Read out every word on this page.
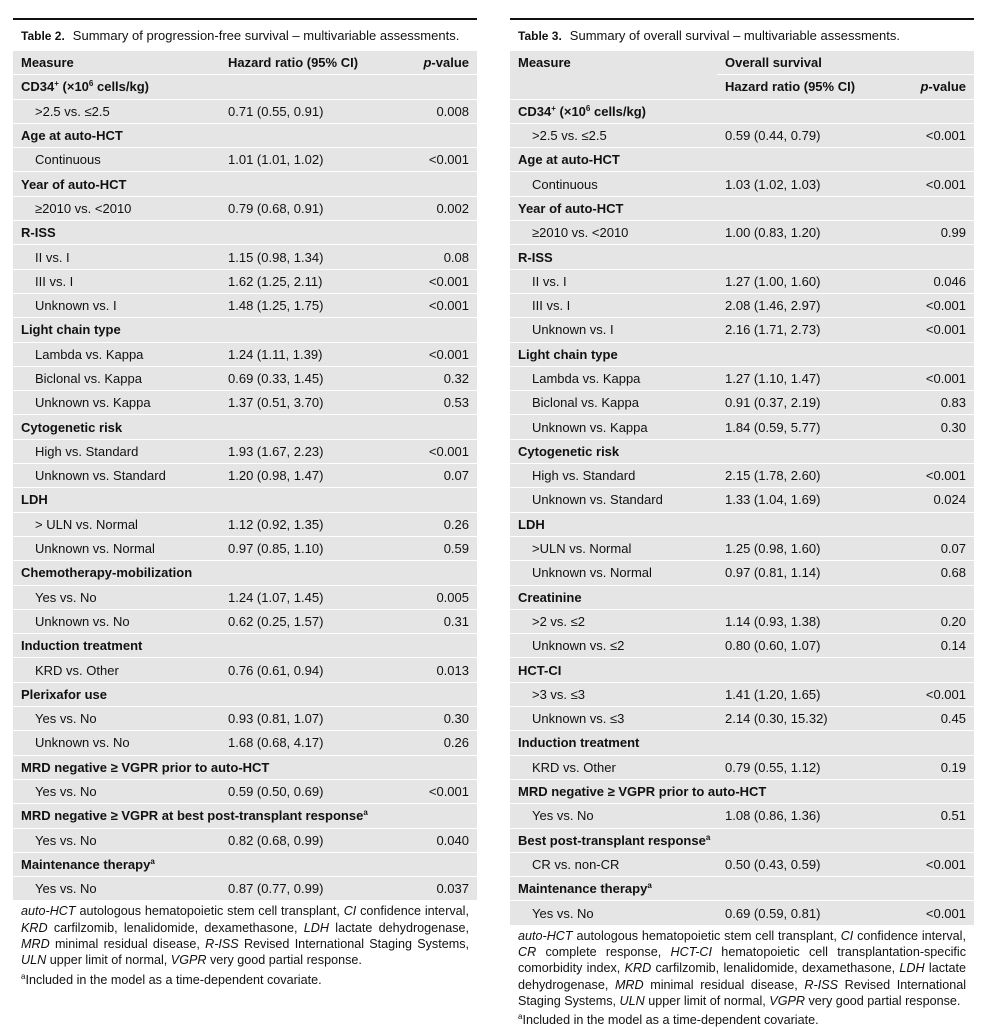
Table 2. Summary of progression-free survival – multivariable assessments.
Measure	Hazard ratio (95% CI)	p-value
CD34+ ($\times 10^6$ cells/kg)		
>2.5 vs. ≤2.5	0.71 (0.55, 0.91)	0.008
Age at auto-HCT		
Continuous	1.01 (1.01, 1.02)	<0.001
Year of auto-HCT		
≥2010 vs. <2010	0.79 (0.68, 0.91)	0.002
R-ISS		
II vs. I	1.15 (0.98, 1.34)	0.08
III vs. I	1.62 (1.25, 2.11)	<0.001
Unknown vs. I	1.48 (1.25, 1.75)	<0.001
Light chain type		
Lambda vs. Kappa	1.24 (1.11, 1.39)	<0.001
Biclonal vs. Kappa	0.69 (0.33, 1.45)	0.32
Unknown vs. Kappa	1.37 (0.51, 3.70)	0.53
Cytogenetic risk		
High vs. Standard	1.93 (1.67, 2.23)	<0.001
Unknown vs. Standard	1.20 (0.98, 1.47)	0.07
LDH		
> ULN vs. Normal	1.12 (0.92, 1.35)	0.26
Unknown vs. Normal	0.97 (0.85, 1.10)	0.59
Chemotherapy-mobilization		
Yes vs. No	1.24 (1.07, 1.45)	0.005
Unknown vs. No	0.62 (0.25, 1.57)	0.31
Induction treatment		
KRD vs. Other	0.76 (0.61, 0.94)	0.013
Plerixafor use		
Yes vs. No	0.93 (0.81, 1.07)	0.30
Unknown vs. No	1.68 (0.68, 4.17)	0.26
MRD negative ≥ VGPR prior to auto-HCT		
Yes vs. No	0.59 (0.50, 0.69)	<0.001
MRD negative ≥ VGPR at best post-transplant response$^a$
Yes vs. No	0.82 (0.68, 0.99)	0.040
Maintenance therapy$^a$
Yes vs. No	0.87 (0.77, 0.99)	0.037
auto-HCT autologous hematopoietic stem cell transplant, CI confidence interval, KRD carfilzomib, lenalidomide, dexamethasone, LDH lactate dehydrogenase, MRD minimal residual disease, R-ISS Revised International Staging Systems, ULN upper limit of normal, VGPR very good partial response.
$^a$Included in the model as a time-dependent covariate.
Table 3. Summary of overall survival – multivariable assessments.
Measure	Overall survival	
	Hazard ratio (95% CI)	p-value
CD34+ ($\times 10^6$ cells/kg)		
>2.5 vs. ≤2.5	0.59 (0.44, 0.79)	<0.001
Age at auto-HCT		
Continuous	1.03 (1.02, 1.03)	<0.001
Year of auto-HCT		
≥2010 vs. <2010	1.00 (0.83, 1.20)	0.99
R-ISS		
II vs. I	1.27 (1.00, 1.60)	0.046
III vs. I	2.08 (1.46, 2.97)	<0.001
Unknown vs. I	2.16 (1.71, 2.73)	<0.001
Light chain type		
Lambda vs. Kappa	1.27 (1.10, 1.47)	<0.001
Biclonal vs. Kappa	0.91 (0.37, 2.19)	0.83
Unknown vs. Kappa	1.84 (0.59, 5.77)	0.30
Cytogenetic risk		
High vs. Standard	2.15 (1.78, 2.60)	<0.001
Unknown vs. Standard	1.33 (1.04, 1.69)	0.024
LDH		
>ULN vs. Normal	1.25 (0.98, 1.60)	0.07
Unknown vs. Normal	0.97 (0.81, 1.14)	0.68
Creatinine		
>2 vs. ≤2	1.14 (0.93, 1.38)	0.20
Unknown vs. ≤2	0.80 (0.60, 1.07)	0.14
HCT-CI		
>3 vs. ≤3	1.41 (1.20, 1.65)	<0.001
Unknown vs. ≤3	2.14 (0.30, 15.32)	0.45
Induction treatment		
KRD vs. Other	0.79 (0.55, 1.12)	0.19
MRD negative ≥ VGPR prior to auto-HCT		
Yes vs. No	1.08 (0.86, 1.36)	0.51
Best post-transplant response$^a$
CR vs. non-CR	0.50 (0.43, 0.59)	<0.001
Maintenance therapy$^a$
Yes vs. No	0.69 (0.59, 0.81)	<0.001
auto-HCT autologous hematopoietic stem cell transplant, CI confidence interval, CR complete response, HCT-CI hematopoietic cell transplantation-specific comorbidity index, KRD carfilzomib, lenalidomide, dexamethasone, LDH lactate dehydrogenase, MRD minimal residual disease, R-ISS Revised International Staging Systems, ULN upper limit of normal, VGPR very good partial response.
$^a$Included in the model as a time-dependent covariate.
